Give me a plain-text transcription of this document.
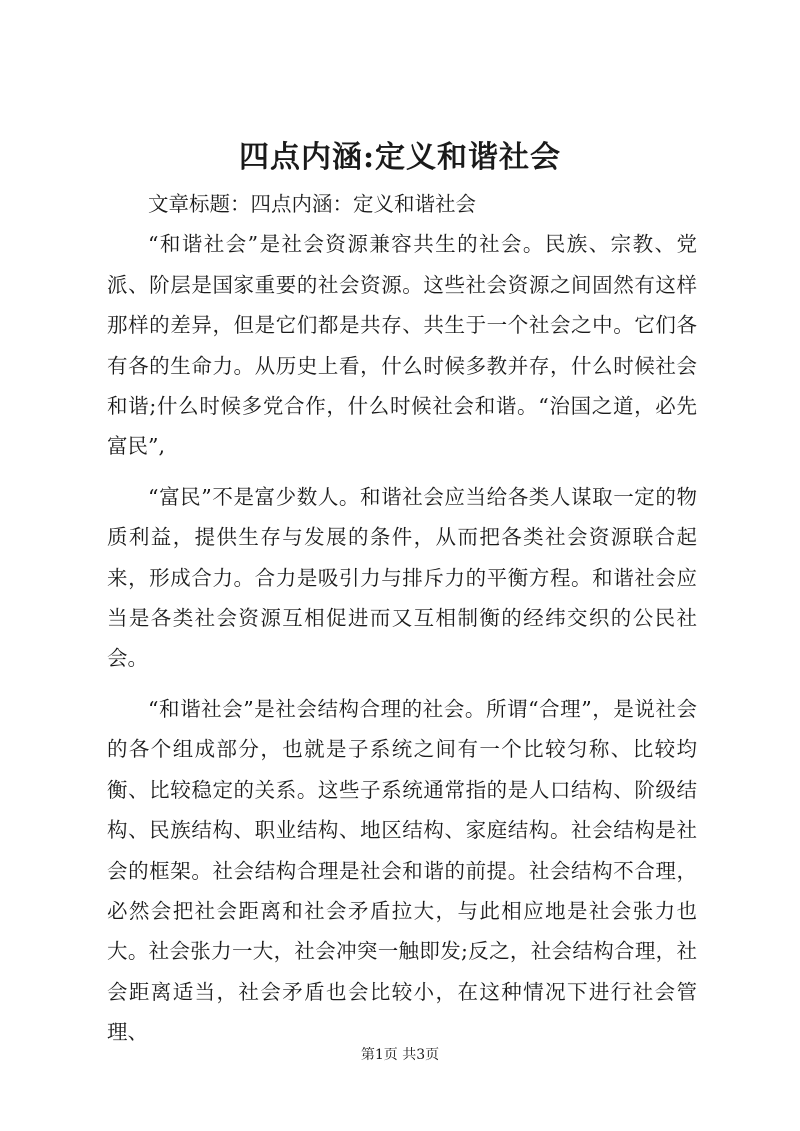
四点内涵:定义和谐社会

文章标题：四点内涵：定义和谐社会

“和谐社会”是社会资源兼容共生的社会。民族、宗教、党派、阶层是国家重要的社会资源。这些社会资源之间固然有这样那样的差异，但是它们都是共存、共生于一个社会之中。它们各有各的生命力。从历史上看，什么时候多教并存，什么时候社会和谐;什么时候多党合作，什么时候社会和谐。“治国之道，必先富民”,

“富民”不是富少数人。和谐社会应当给各类人谋取一定的物质利益，提供生存与发展的条件，从而把各类社会资源联合起来，形成合力。合力是吸引力与排斥力的平衡方程。和谐社会应当是各类社会资源互相促进而又互相制衡的经纬交织的公民社会。

“和谐社会”是社会结构合理的社会。所谓“合理”，是说社会的各个组成部分，也就是子系统之间有一个比较匀称、比较均衡、比较稳定的关系。这些子系统通常指的是人口结构、阶级结构、民族结构、职业结构、地区结构、家庭结构。社会结构是社会的框架。社会结构合理是社会和谐的前提。社会结构不合理，必然会把社会距离和社会矛盾拉大，与此相应地是社会张力也大。社会张力一大，社会冲突一触即发;反之，社会结构合理，社会距离适当，社会矛盾也会比较小，在这种情况下进行社会管理、

第1页 共3页
